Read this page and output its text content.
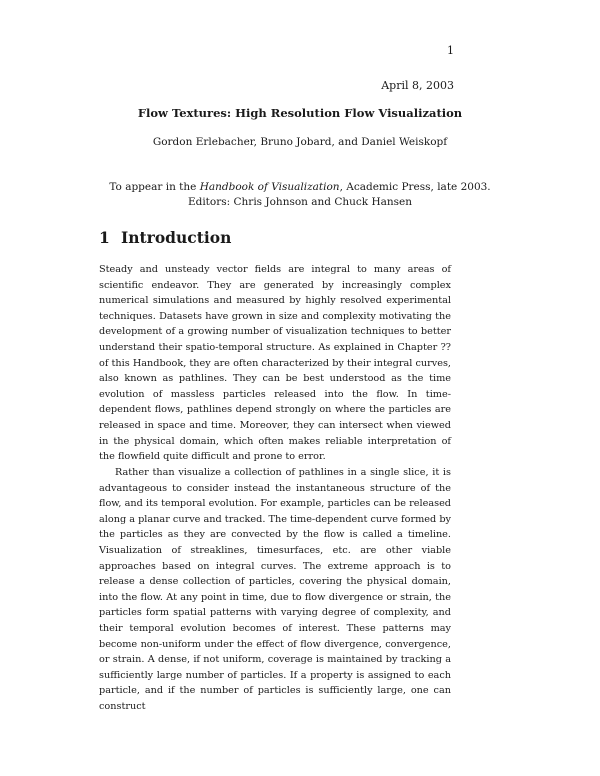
1
April 8, 2003
Flow Textures: High Resolution Flow Visualization
Gordon Erlebacher, Bruno Jobard, and Daniel Weiskopf
To appear in the Handbook of Visualization, Academic Press, late 2003.
Editors: Chris Johnson and Chuck Hansen
1 Introduction

Steady and unsteady vector fields are integral to many areas of scientific endeavor. They are generated by increasingly complex numerical simulations and measured by highly resolved experimental techniques. Datasets have grown in size and complexity motivating the development of a growing number of visualization techniques to better understand their spatio-temporal structure. As explained in Chapter ?? of this Handbook, they are often characterized by their integral curves, also known as pathlines. They can be best understood as the time evolution of massless particles released into the flow. In time-dependent flows, pathlines depend strongly on where the particles are released in space and time. Moreover, they can intersect when viewed in the physical domain, which often makes reliable interpretation of the flowfield quite difficult and prone to error.

Rather than visualize a collection of pathlines in a single slice, it is advantageous to consider instead the instantaneous structure of the flow, and its temporal evolution. For example, particles can be released along a planar curve and tracked. The time-dependent curve formed by the particles as they are convected by the flow is called a timeline. Visualization of streaklines, timesurfaces, etc. are other viable approaches based on integral curves. The extreme approach is to release a dense collection of particles, covering the physical domain, into the flow. At any point in time, due to flow divergence or strain, the particles form spatial patterns with varying degree of complexity, and their temporal evolution becomes of interest. These patterns may become non-uniform under the effect of flow divergence, convergence, or strain. A dense, if not uniform, coverage is maintained by tracking a sufficiently large number of particles. If a property is assigned to each particle, and if the number of particles is sufficiently large, one can construct
